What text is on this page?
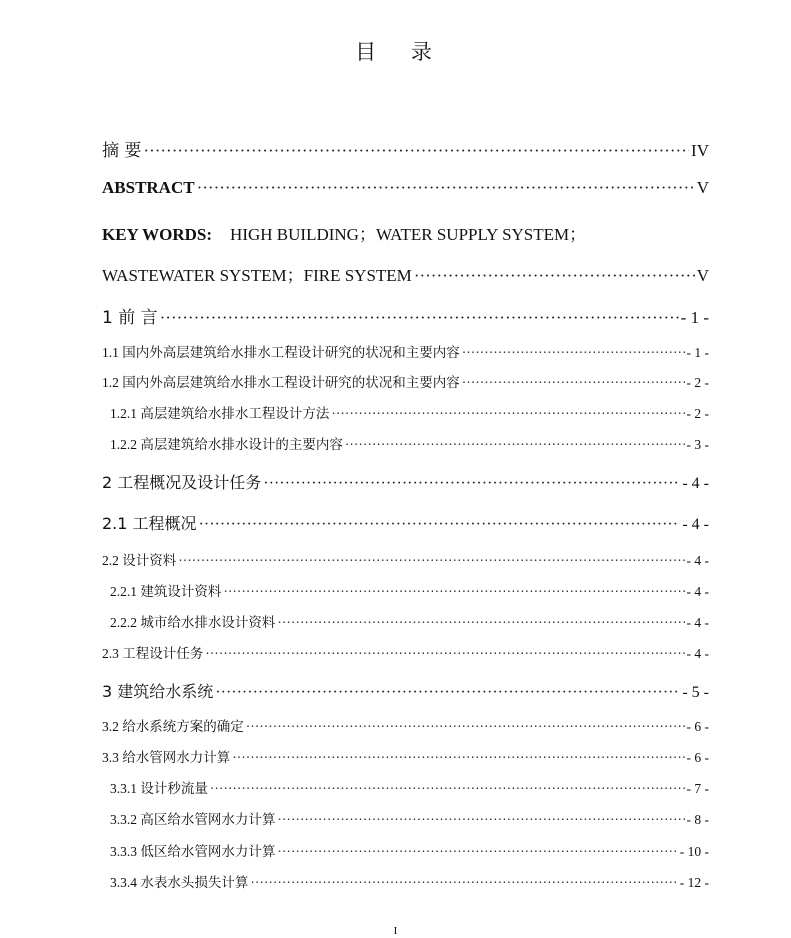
目 录
摘 要 ·····	IV
ABSTRACT ·····	V
KEY WORDS: HIGH BUILDING；WATER SUPPLY SYSTEM；
WASTEWATER SYSTEM；FIRE SYSTEM ·····	V
1 前 言 ·····	- 1 -
1.1 国内外高层建筑给水排水工程设计研究的状况和主要内容 ·····	- 1 -
1.2 国内外高层建筑给水排水工程设计研究的状况和主要内容 ·····	- 2 -
1.2.1 高层建筑给水排水工程设计方法 ·····	- 2 -
1.2.2 高层建筑给水排水设计的主要内容 ·····	- 3 -
2 工程概况及设计任务 ·····	- 4 -
2.1 工程概况 ·····	- 4 -
2.2 设计资料 ·····	- 4 -
2.2.1 建筑设计资料 ·····	- 4 -
2.2.2 城市给水排水设计资料 ·····	- 4 -
2.3 工程设计任务 ·····	- 4 -
3 建筑给水系统 ·····	- 5 -
3.2 给水系统方案的确定 ·····	- 6 -
3.3 给水管网水力计算 ·····	- 6 -
3.3.1 设计秒流量 ·····	- 7 -
3.3.2 高区给水管网水力计算 ·····	- 8 -
3.3.3 低区给水管网水力计算 ·····	- 10 -
3.3.4 水表水头损失计算 ·····	- 12 -
I
